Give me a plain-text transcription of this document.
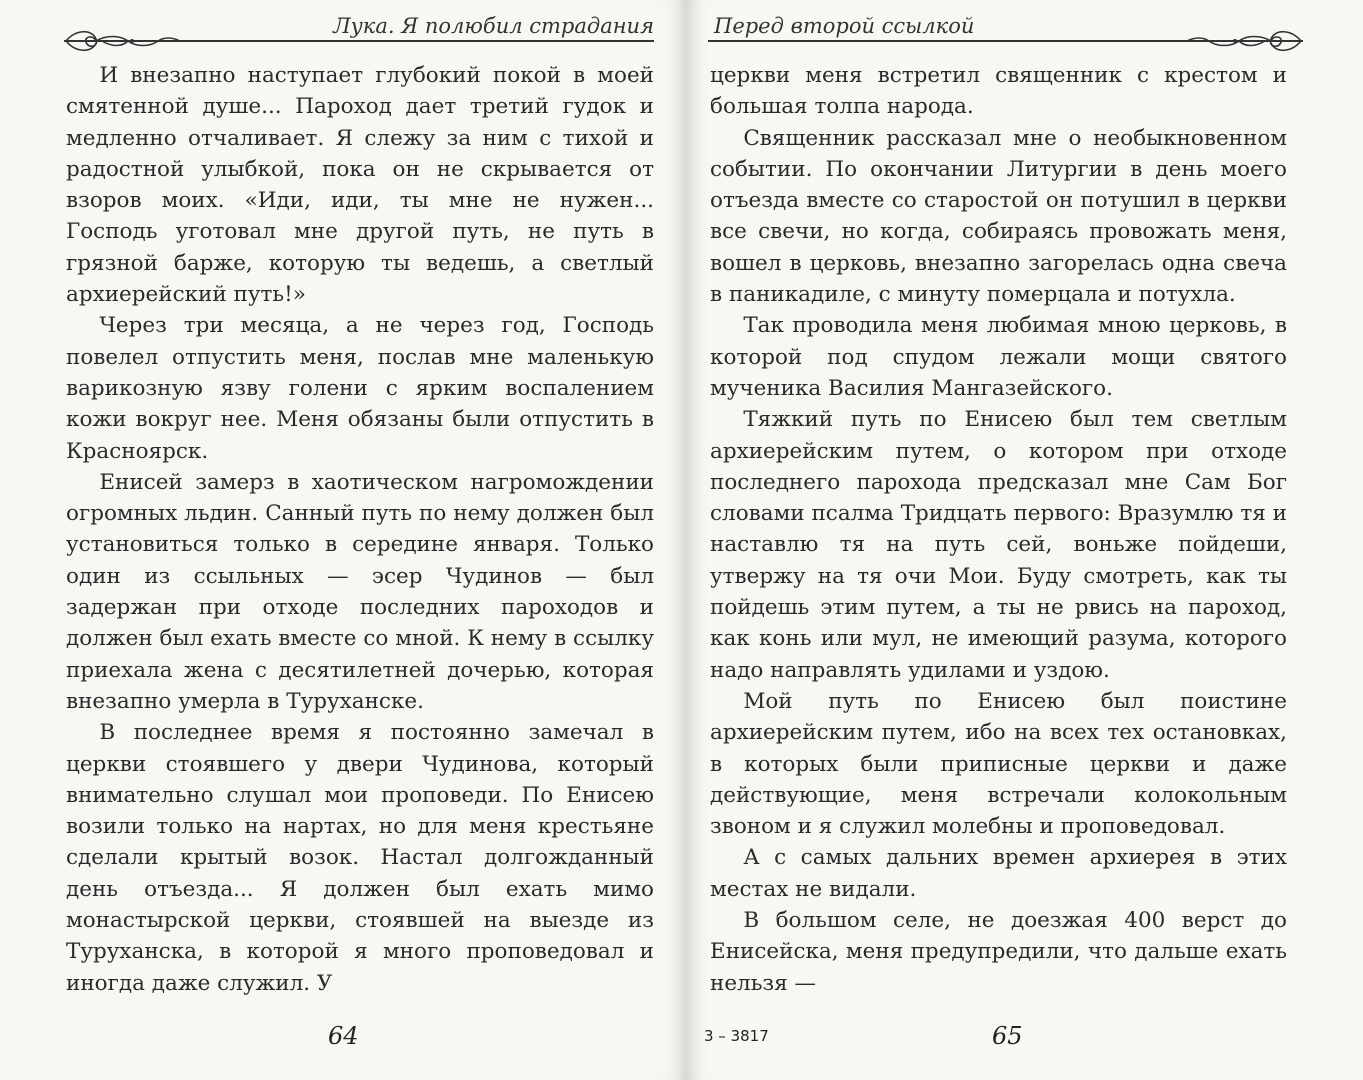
Лука. Я полюбил страдания

И внезапно наступает глубокий покой в моей смятенной душе... Пароход дает третий гудок и медленно отчаливает. Я слежу за ним с тихой и радостной улыбкой, пока он не скрывается от взоров моих. «Иди, иди, ты мне не нужен... Господь уготовал мне другой путь, не путь в грязной барже, которую ты ведешь, а светлый архиерейский путь!»

Через три месяца, а не через год, Господь повелел отпустить меня, послав мне маленькую варикозную язву голени с ярким воспалением кожи вокруг нее. Меня обязаны были отпустить в Красноярск.

Енисей замерз в хаотическом нагромождении огромных льдин. Санный путь по нему должен был установиться только в середине января. Только один из ссыльных — эсер Чудинов — был задержан при отходе последних пароходов и должен был ехать вместе со мной. К нему в ссылку приехала жена с десятилетней дочерью, которая внезапно умерла в Туруханске.

В последнее время я постоянно замечал в церкви стоявшего у двери Чудинова, который внимательно слушал мои проповеди. По Енисею возили только на нартах, но для меня крестьяне сделали крытый возок. Настал долгожданный день отъезда... Я должен был ехать мимо монастырской церкви, стоявшей на выезде из Туруханска, в которой я много проповедовал и иногда даже служил. У

64
Перед второй ссылкой

церкви меня встретил священник с крестом и большая толпа народа.

Священник рассказал мне о необыкновенном событии. По окончании Литургии в день моего отъезда вместе со старостой он потушил в церкви все свечи, но когда, собираясь провожать меня, вошел в церковь, внезапно загорелась одна свеча в паникадиле, с минуту померцала и потухла.

Так проводила меня любимая мною церковь, в которой под спудом лежали мощи святого мученика Василия Мангазейского.

Тяжкий путь по Енисею был тем светлым архиерейским путем, о котором при отходе последнего парохода предсказал мне Сам Бог словами псалма Тридцать первого: Вразумлю тя и наставлю тя на путь сей, воньже пойдеши, утвержу на тя очи Мои. Буду смотреть, как ты пойдешь этим путем, а ты не рвись на пароход, как конь или мул, не имеющий разума, которого надо направлять удилами и уздою.

Мой путь по Енисею был поистине архиерейским путем, ибо на всех тех остановках, в которых были приписные церкви и даже действующие, меня встречали колокольным звоном и я служил молебны и проповедовал.

А с самых дальних времен архиерея в этих местах не видали.

В большом селе, не доезжая 400 верст до Енисейска, меня предупредили, что дальше ехать нельзя —

3 – 3817	65
